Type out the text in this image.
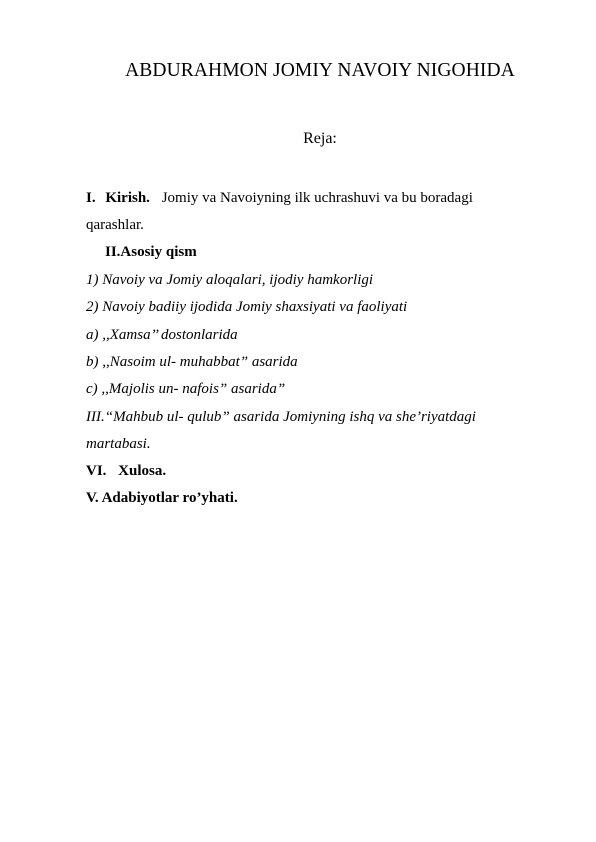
ABDURAHMON JOMIY NAVOIY NIGOHIDA
Reja:
I. Kirish. Jomiy va Navoiyning ilk uchrashuvi va bu boradagi
qarashlar.
II.Asosiy qism
1) Navoiy va Jomiy aloqalari, ijodiy hamkorligi
2) Navoiy badiiy ijodida Jomiy shaxsiyati va faoliyati
a) ,,Xamsa’’ dostonlarida
b) ,,Nasoim ul- muhabbat” asarida
c) ,,Majolis un- nafois” asarida”
III.“Mahbub ul- qulub” asarida Jomiyning ishq va she’riyatdagi
martabasi.
VI. Xulosa.
V. Adabiyotlar ro’yhati.
